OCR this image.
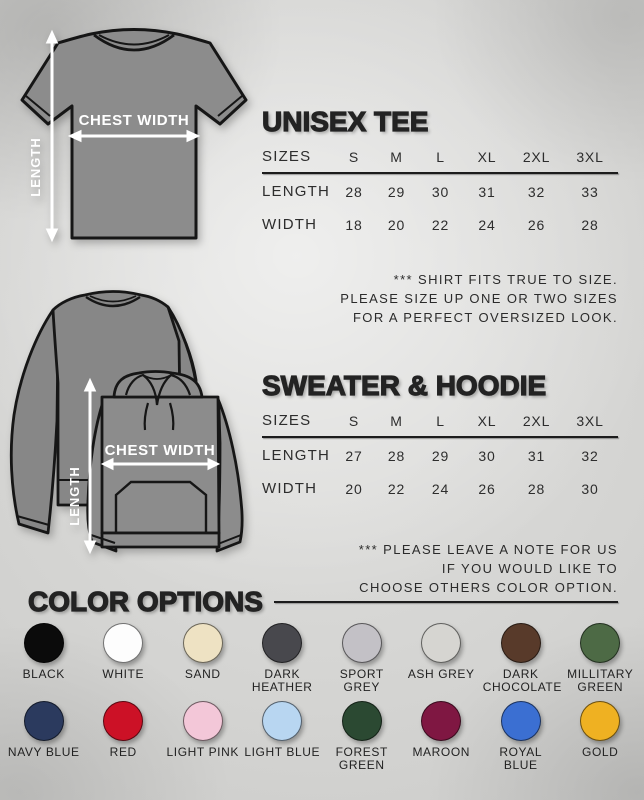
CHEST WIDTH
LENGTH
UNISEX TEE
SIZES	S	M	L	XL	2XL	3XL
LENGTH	28	29	30	31	32	33
WIDTH	18	20	22	24	26	28
*** SHIRT FITS TRUE TO SIZE.
PLEASE SIZE UP ONE OR TWO SIZES
FOR A PERFECT OVERSIZED LOOK.
CHEST WIDTH
LENGTH
SWEATER & HOODIE
SIZES	S	M	L	XL	2XL	3XL
LENGTH	27	28	29	30	31	32
WIDTH	20	22	24	26	28	30
*** PLEASE LEAVE A NOTE FOR US
IF YOU WOULD LIKE TO
CHOOSE OTHERS COLOR OPTION.
COLOR OPTIONS
BLACK	WHITE	SAND	DARK HEATHER
SPORT GREY
ASH GREY	DARK CHOCOLATE
MILLITARY GREEN
NAVY BLUE	RED LIGHT PINK LIGHT BLUE	FOREST GREEN
MAROON	ROYAL BLUE
GOLD
